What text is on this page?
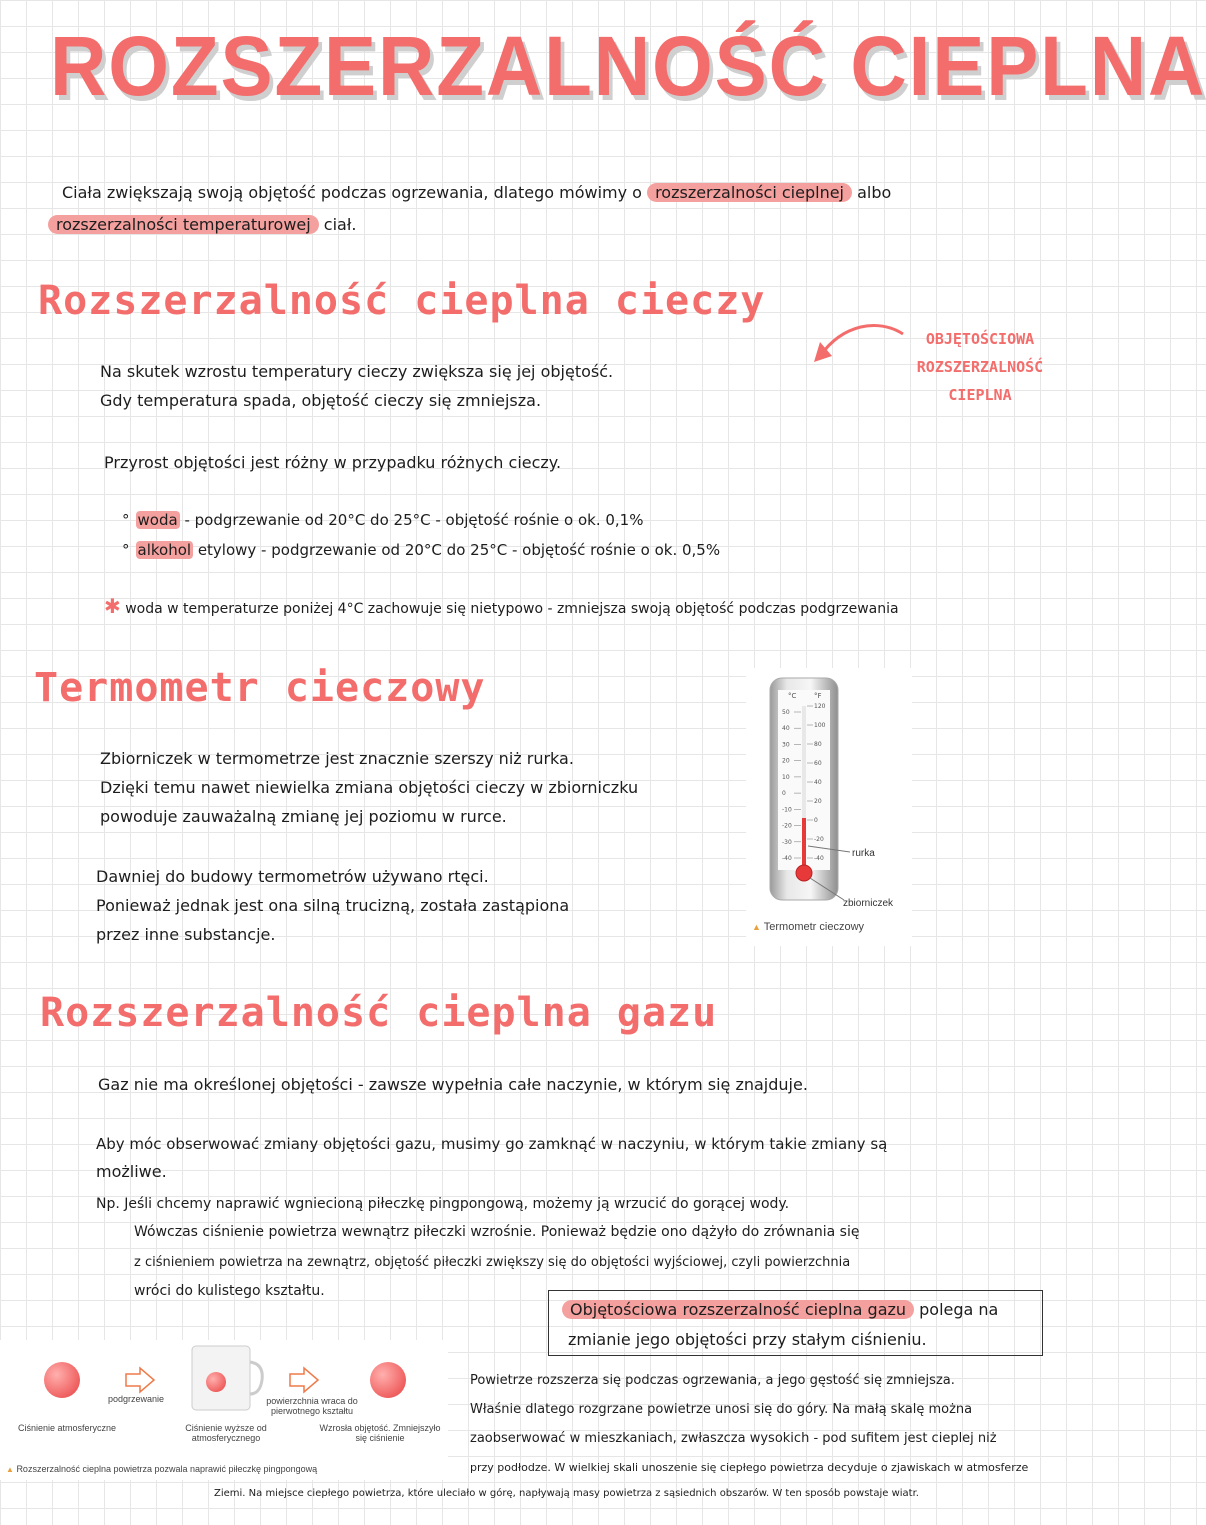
ROZSZERZALNOŚĆ CIEPLNA
Ciała zwiększają swoją objętość podczas ogrzewania, dlatego mówimy o rozszerzalności cieplnej albo
rozszerzalności temperaturowej ciał.
Rozszerzalność cieplna cieczy
OBJĘTOŚCIOWA
ROZSZERZALNOŚĆ
CIEPLNA
Na skutek wzrostu temperatury cieczy zwiększa się jej objętość.
Gdy temperatura spada, objętość cieczy się zmniejsza.
Przyrost objętości jest różny w przypadku różnych cieczy.
° woda - podgrzewanie od 20°C do 25°C - objętość rośnie o ok. 0,1%
° alkohol etylowy - podgrzewanie od 20°C do 25°C - objętość rośnie o ok. 0,5%
✱ woda w temperaturze poniżej 4°C zachowuje się nietypowo - zmniejsza swoją objętość podczas podgrzewania
Termometr cieczowy
Zbiorniczek w termometrze jest znacznie szerszy niż rurka.
Dzięki temu nawet niewielka zmiana objętości cieczy w zbiorniczku
powoduje zauważalną zmianę jej poziomu w rurce.
Dawniej do budowy termometrów używano rtęci.
Ponieważ jednak jest ona silną trucizną, została zastąpiona
przez inne substancje.
°C	°F
50
40
30
20
10
0
-10
-20
-30
-40
120
100
80
60
40
20
0
-20
-40	rurka
zbiorniczek
▲ Termometr cieczowy
Rozszerzalność cieplna gazu
Gaz nie ma określonej objętości - zawsze wypełnia całe naczynie, w którym się znajduje.
Aby móc obserwować zmiany objętości gazu, musimy go zamknąć w naczyniu, w którym takie zmiany są
możliwe.
Np. Jeśli chcemy naprawić wgniecioną piłeczkę pingpongową, możemy ją wrzucić do gorącej wody.
Wówczas ciśnienie powietrza wewnątrz piłeczki wzrośnie. Ponieważ będzie ono dążyło do zrównania się
z ciśnieniem powietrza na zewnątrz, objętość piłeczki zwiększy się do objętości wyjściowej, czyli powierzchnia
wróci do kulistego kształtu.
Objętościowa rozszerzalność cieplna gazu polega na
zmianie jego objętości przy stałym ciśnieniu.
Powietrze rozszerza się podczas ogrzewania, a jego gęstość się zmniejsza.
Właśnie dlatego rozgrzane powietrze unosi się do góry. Na małą skalę można
zaobserwować w mieszkaniach, zwłaszcza wysokich - pod sufitem jest cieplej niż
przy podłodze. W wielkiej skali unoszenie się ciepłego powietrza decyduje o zjawiskach w atmosferze
Ziemi. Na miejsce ciepłego powietrza, które uleciało w górę, napływają masy powietrza z sąsiednich obszarów. W ten sposób powstaje wiatr.
podgrzewanie	powierzchnia wraca do pierwotnego kształtu
Ciśnienie atmosferyczne	Ciśnienie wyższe od atmosferycznego
Wzrosła objętość. Zmniejszyło się ciśnienie
▲ Rozszerzalność cieplna powietrza pozwala naprawić piłeczkę pingpongową
